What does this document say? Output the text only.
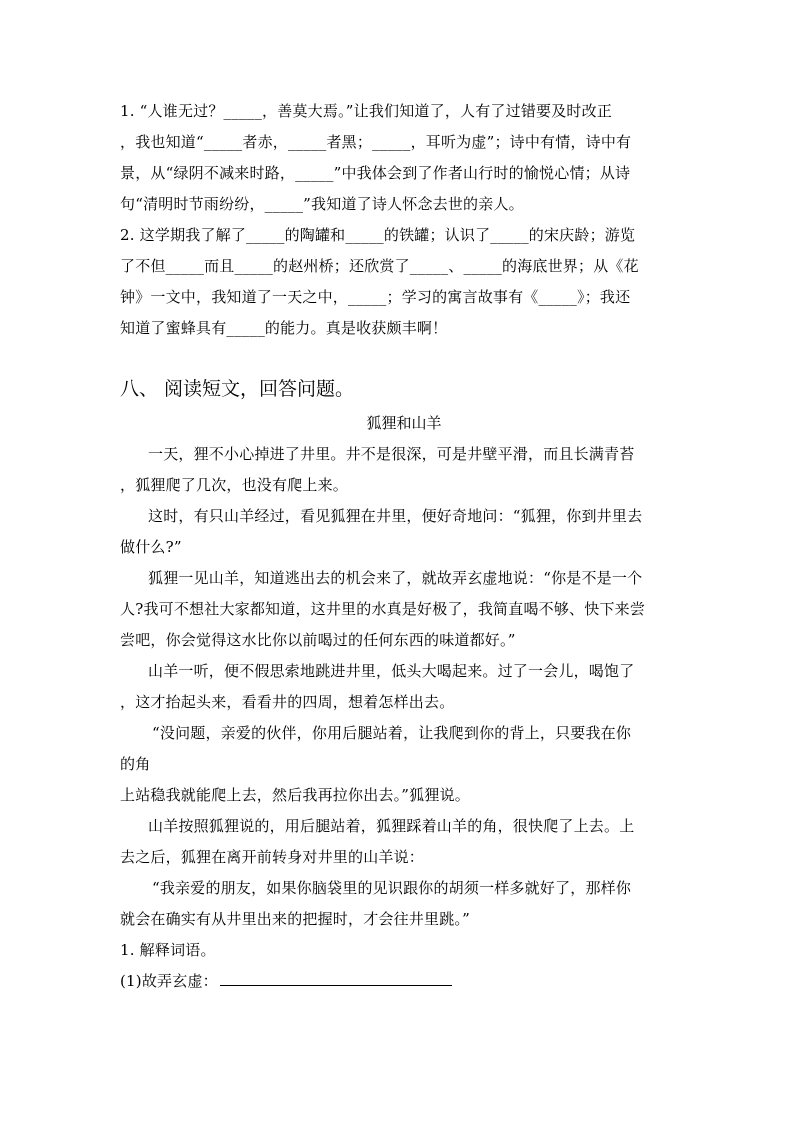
1. “人谁无过？_____，善莫大焉。”让我们知道了，人有了过错要及时改正
，我也知道“_____者赤，_____者黑；_____，耳听为虚”；诗中有情，诗中有
景，从“绿阴不减来时路，_____”中我体会到了作者山行时的愉悦心情；从诗
句“清明时节雨纷纷，_____”我知道了诗人怀念去世的亲人。
2. 这学期我了解了_____的陶罐和_____的铁罐；认识了_____的宋庆龄；游览
了不但_____而且_____的赵州桥；还欣赏了_____、_____的海底世界；从《花
钟》一文中，我知道了一天之中，_____；学习的寓言故事有《_____》；我还
知道了蜜蜂具有_____的能力。真是收获颇丰啊！
八、 阅读短文，回答问题。
狐狸和山羊
一天，狸不小心掉进了井里。井不是很深，可是井壁平滑，而且长满青苔
，狐狸爬了几次，也没有爬上来。
这时，有只山羊经过，看见狐狸在井里，便好奇地问：“狐狸，你到井里去
做什么?”
狐狸一见山羊，知道逃出去的机会来了，就故弄玄虚地说：“你是不是一个
人?我可不想社大家都知道，这井里的水真是好极了，我简直喝不够、快下来尝
尝吧，你会觉得这水比你以前喝过的任何东西的味道都好。”
山羊一听，便不假思索地跳进井里，低头大喝起来。过了一会儿，喝饱了
，这才抬起头来，看看井的四周，想着怎样出去。
“没问题，亲爱的伙伴，你用后腿站着，让我爬到你的背上，只要我在你
的角
上站稳我就能爬上去，然后我再拉你出去。”狐狸说。
山羊按照狐狸说的，用后腿站着，狐狸踩着山羊的角，很快爬了上去。上
去之后，狐狸在离开前转身对井里的山羊说：
“我亲爱的朋友，如果你脑袋里的见识跟你的胡须一样多就好了，那样你
就会在确实有从井里出来的把握时，才会往井里跳。”
1. 解释词语。
(1)故弄玄虚：
